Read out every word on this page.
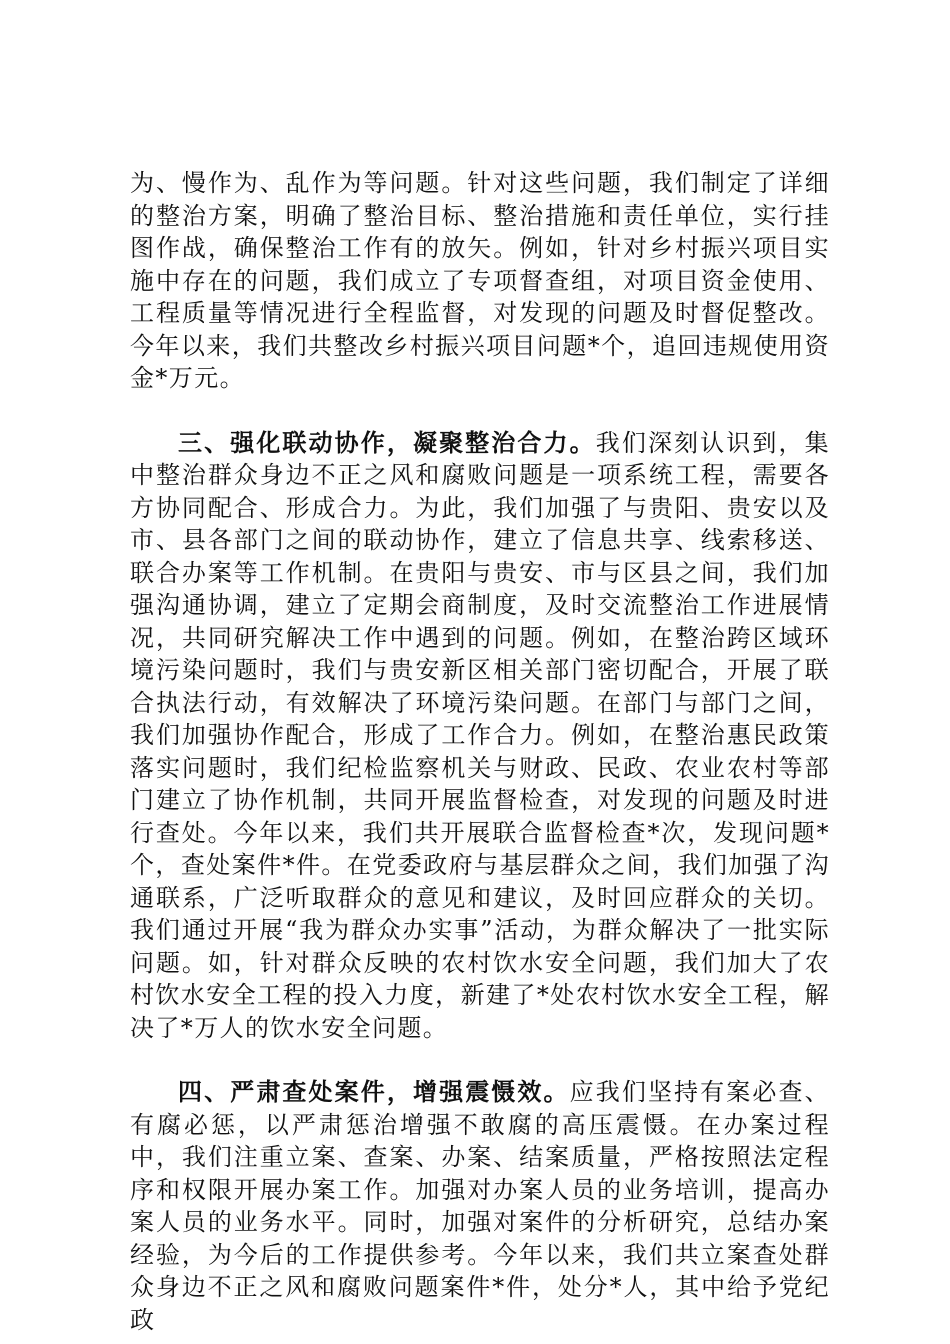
为、慢作为、乱作为等问题。针对这些问题，我们制定了详细的整治方案，明确了整治目标、整治措施和责任单位，实行挂图作战，确保整治工作有的放矢。例如，针对乡村振兴项目实施中存在的问题，我们成立了专项督查组，对项目资金使用、工程质量等情况进行全程监督，对发现的问题及时督促整改。今年以来，我们共整改乡村振兴项目问题*个，追回违规使用资金*万元。

三、强化联动协作，凝聚整治合力。我们深刻认识到，集中整治群众身边不正之风和腐败问题是一项系统工程，需要各方协同配合、形成合力。为此，我们加强了与贵阳、贵安以及市、县各部门之间的联动协作，建立了信息共享、线索移送、联合办案等工作机制。在贵阳与贵安、市与区县之间，我们加强沟通协调，建立了定期会商制度，及时交流整治工作进展情况，共同研究解决工作中遇到的问题。例如，在整治跨区域环境污染问题时，我们与贵安新区相关部门密切配合，开展了联合执法行动，有效解决了环境污染问题。在部门与部门之间，我们加强协作配合，形成了工作合力。例如，在整治惠民政策落实问题时，我们纪检监察机关与财政、民政、农业农村等部门建立了协作机制，共同开展监督检查，对发现的问题及时进行查处。今年以来，我们共开展联合监督检查*次，发现问题*个，查处案件*件。在党委政府与基层群众之间，我们加强了沟通联系，广泛听取群众的意见和建议，及时回应群众的关切。我们通过开展“我为群众办实事”活动，为群众解决了一批实际问题。如，针对群众反映的农村饮水安全问题，我们加大了农村饮水安全工程的投入力度，新建了*处农村饮水安全工程，解决了*万人的饮水安全问题。

四、严肃查处案件，增强震慑效。应我们坚持有案必查、有腐必惩，以严肃惩治增强不敢腐的高压震慑。在办案过程中，我们注重立案、查案、办案、结案质量，严格按照法定程序和权限开展办案工作。加强对办案人员的业务培训，提高办案人员的业务水平。同时，加强对案件的分析研究，总结办案经验，为今后的工作提供参考。今年以来，我们共立案查处群众身边不正之风和腐败问题案件*件，处分*人，其中给予党纪政
